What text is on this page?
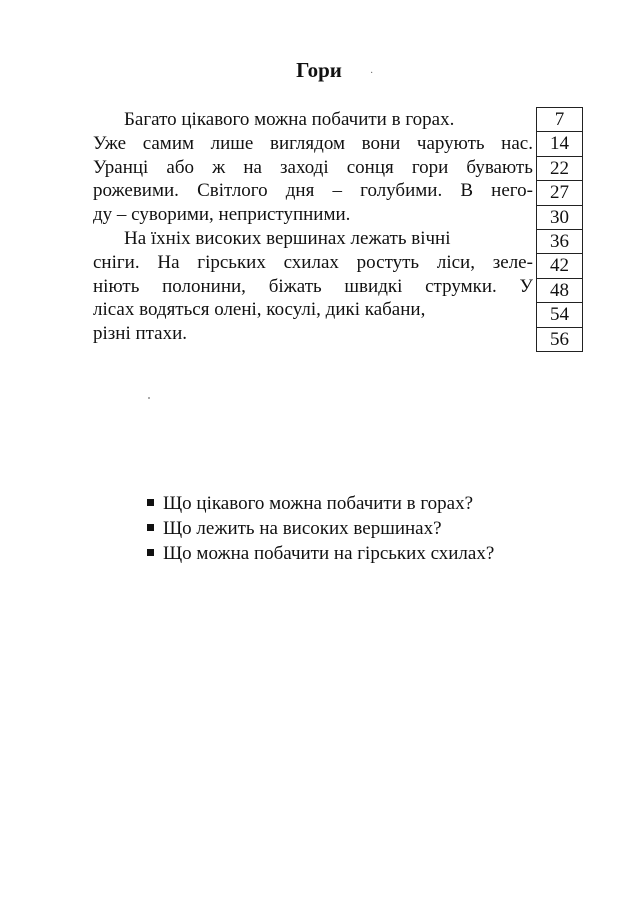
Гори	·
Багато цікавого можна побачити в горах.
Уже самим лише виглядом вони чарують нас.
Уранці або ж на заході сонця гори бувають
рожевими. Світлого дня – голубими. В него-
ду – суворими, неприступними.
На їхніх високих вершинах лежать вічні
сніги. На гірських схилах ростуть ліси, зеле-
ніють полонини, біжать швидкі струмки. У
лісах водяться олені, косулі, дикі кабани,
різні птахи.
7
14
22
27
30
36
42
48
54
56
Що цікавого можна побачити в горах?
Що лежить на високих вершинах?
Що можна побачити на гірських схилах?
